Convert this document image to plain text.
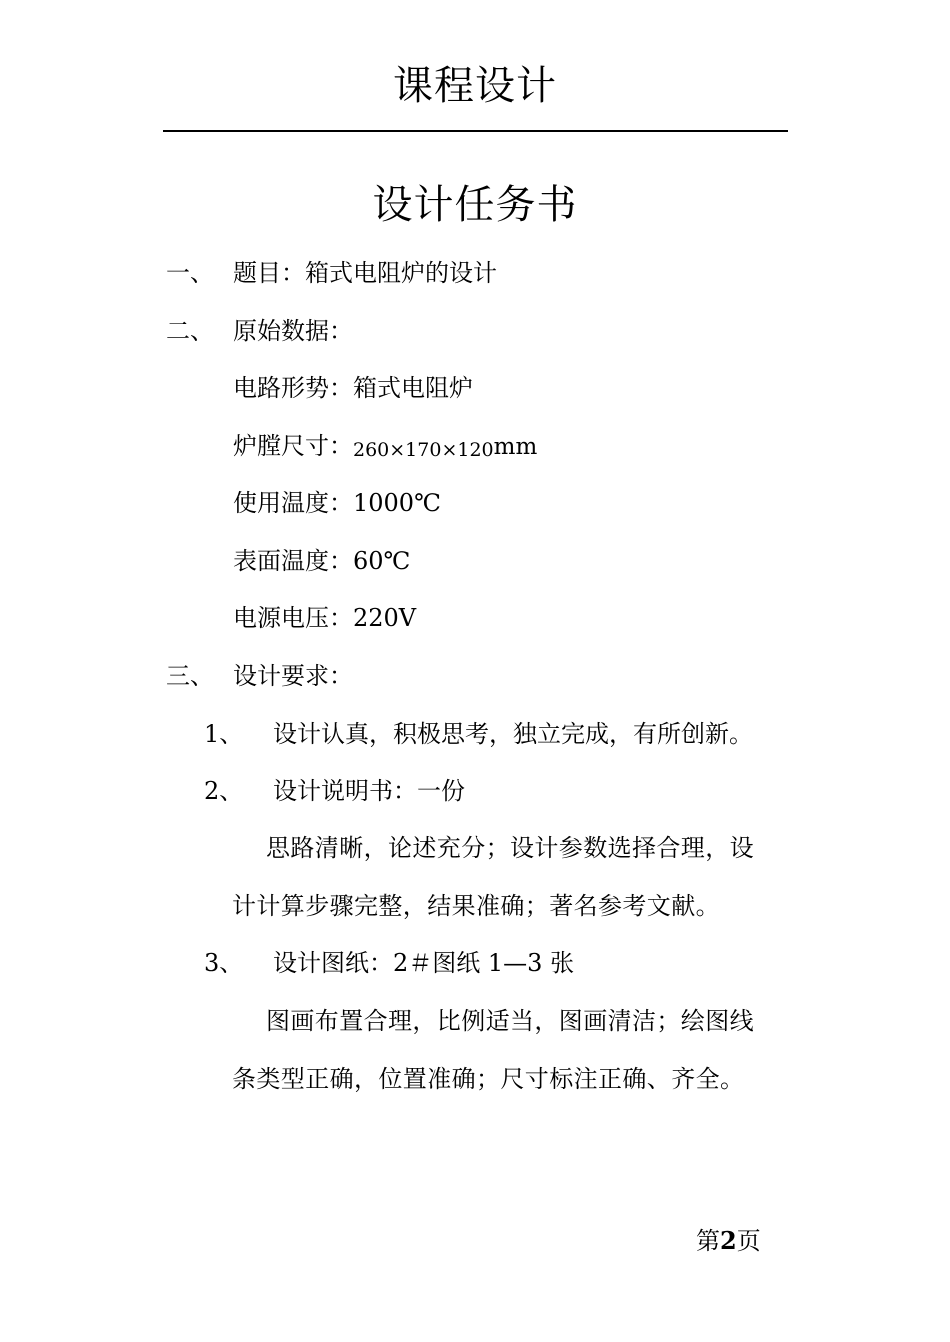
课程设计
设计任务书
一、 题目：箱式电阻炉的设计
二、 原始数据：
电路形势：箱式电阻炉
炉膛尺寸：260×170×120mm
使用温度：1000℃
表面温度：60℃
电源电压：220V
三、 设计要求：
1、 设计认真，积极思考，独立完成，有所创新。
2、 设计说明书：一份
思路清晰，论述充分；设计参数选择合理，设
计计算步骤完整，结果准确；著名参考文献。
3、 设计图纸：2＃图纸 1—3 张
图画布置合理，比例适当，图画清洁；绘图线
条类型正确，位置准确；尺寸标注正确、齐全。
第2页
